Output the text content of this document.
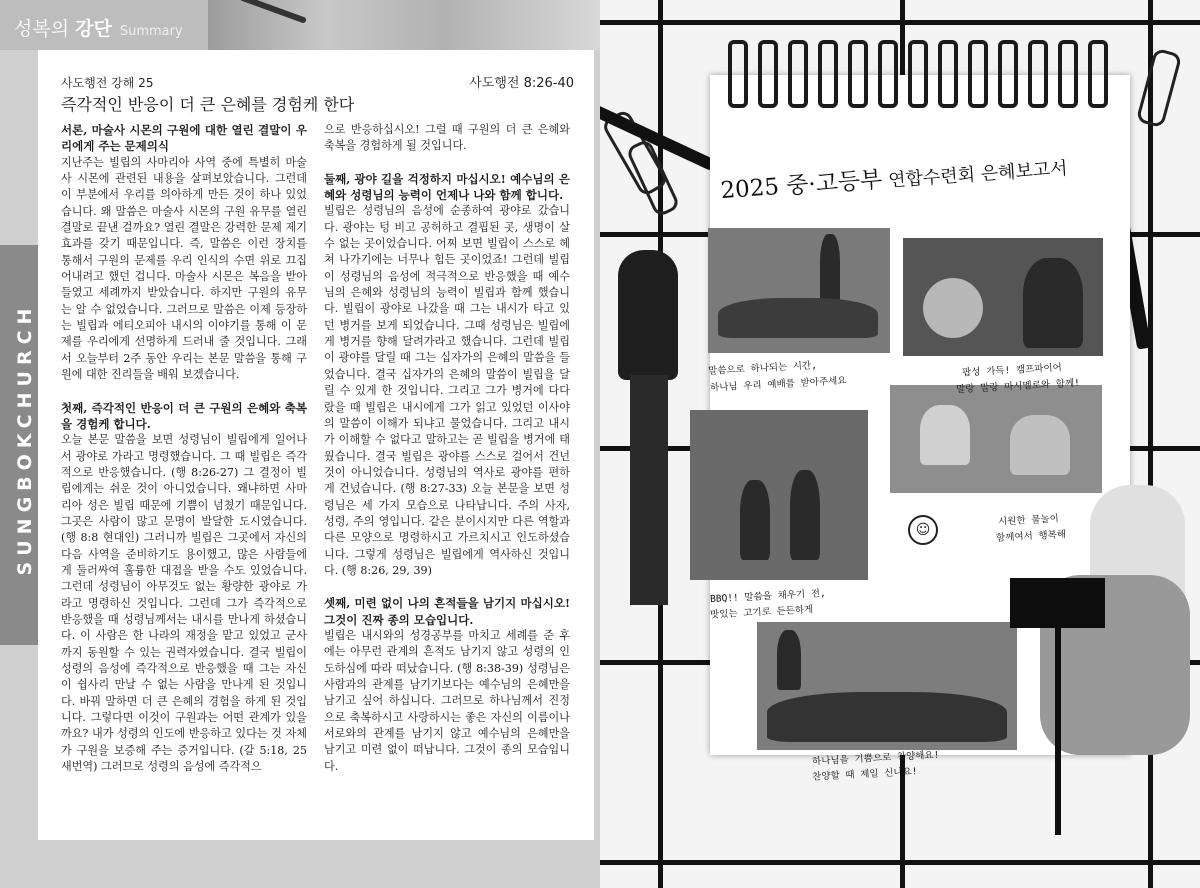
성복의 강단 Summary
SUNGBOKCHURCH
사도행전 강해 25	사도행전 8:26-40
즉각적인 반응이 더 큰 은혜를 경험케 한다
서론, 마술사 시몬의 구원에 대한 열린 결말이 우리에게 주는 문제의식

지난주는 빌립의 사마리아 사역 중에 특별히 마술사 시몬에 관련된 내용을 살펴보았습니다. 그런데 이 부분에서 우리를 의아하게 만든 것이 하나 있었습니다. 왜 말씀은 마술사 시몬의 구원 유무를 열린 결말로 끝낸 걸까요? 열린 결말은 강력한 문제 제기 효과를 갖기 때문입니다. 즉, 말씀은 이런 장치를 통해서 구원의 문제를 우리 인식의 수면 위로 끄집어내려고 했던 겁니다. 마술사 시몬은 복음을 받아들였고 세례까지 받았습니다. 하지만 구원의 유무는 알 수 없었습니다. 그러므로 말씀은 이제 등장하는 빌립과 에티오피아 내시의 이야기를 통해 이 문제를 우리에게 선명하게 드러내 줄 것입니다. 그래서 오늘부터 2주 동안 우리는 본문 말씀을 통해 구원에 대한 진리들을 배워 보겠습니다.

첫째, 즉각적인 반응이 더 큰 구원의 은혜와 축복을 경험케 합니다.

오늘 본문 말씀을 보면 성령님이 빌립에게 일어나서 광야로 가라고 명령했습니다. 그 때 빌립은 즉각적으로 반응했습니다. (행 8:26-27) 그 결정이 빌립에게는 쉬운 것이 아니었습니다. 왜냐하면 사마리아 성은 빌립 때문에 기쁨이 넘쳤기 때문입니다. 그곳은 사람이 많고 문명이 발달한 도시였습니다. (행 8:8 현대인) 그러니까 빌립은 그곳에서 자신의 다음 사역을 준비하기도 용이했고, 많은 사람들에게 둘러싸여 훌륭한 대접을 받을 수도 있었습니다. 그런데 성령님이 아무것도 없는 황량한 광야로 가라고 명령하신 것입니다. 그런데 그가 즉각적으로 반응했을 때 성령님께서는 내시를 만나게 하셨습니다. 이 사람은 한 나라의 재정을 맡고 있었고 군사까지 동원할 수 있는 권력자였습니다. 결국 빌립이 성령의 음성에 즉각적으로 반응했을 때 그는 자신이 쉽사리 만날 수 없는 사람을 만나게 된 것입니다. 바꿔 말하면 더 큰 은혜의 경험을 하게 된 것입니다. 그렇다면 이것이 구원과는 어떤 관계가 있을까요? 내가 성령의 인도에 반응하고 있다는 것 자체가 구원을 보증해 주는 증거입니다. (갈 5:18, 25 새번역) 그러므로 성령의 음성에 즉각적으

으로 반응하십시오! 그럴 때 구원의 더 큰 은혜와 축복을 경험하게 될 것입니다.

둘째, 광야 길을 걱정하지 마십시오! 예수님의 은혜와 성령님의 능력이 언제나 나와 함께 합니다.

빌립은 성령님의 음성에 순종하여 광야로 갔습니다. 광야는 텅 비고 공허하고 결핍된 곳, 생명이 살 수 없는 곳이었습니다. 어찌 보면 빌립이 스스로 헤쳐 나가기에는 너무나 힘든 곳이었죠! 그런데 빌립이 성령님의 음성에 적극적으로 반응했을 때 예수님의 은혜와 성령님의 능력이 빌립과 함께 했습니다. 빌립이 광야로 나갔을 때 그는 내시가 타고 있던 병거를 보게 되었습니다. 그때 성령님은 빌립에게 병거를 향해 달려가라고 했습니다. 그런데 빌립이 광야를 달릴 때 그는 십자가의 은혜의 말씀을 들었습니다. 결국 십자가의 은혜의 말씀이 빌립을 달릴 수 있게 한 것입니다. 그리고 그가 병거에 다다랐을 때 빌립은 내시에게 그가 읽고 있었던 이사야의 말씀이 이해가 되냐고 물었습니다. 그리고 내시가 이해할 수 없다고 말하고는 곧 빌립을 병거에 태웠습니다. 결국 빌립은 광야를 스스로 걸어서 건넌 것이 아니었습니다. 성령님의 역사로 광야를 편하게 건넜습니다. (행 8:27-33) 오늘 본문을 보면 성령님은 세 가지 모습으로 나타납니다. 주의 사자, 성령, 주의 영입니다. 같은 분이시지만 다른 역할과 다른 모양으로 명령하시고 가르치시고 인도하셨습니다. 그렇게 성령님은 빌립에게 역사하신 것입니다. (행 8:26, 29, 39)

셋째, 미련 없이 나의 흔적들을 남기지 마십시오! 그것이 진짜 종의 모습입니다.

빌립은 내시와의 성경공부를 마치고 세례를 준 후에는 아무런 관계의 흔적도 남기지 않고 성령의 인도하심에 따라 떠났습니다. (행 8:38-39) 성령님은 사람과의 관계를 남기기보다는 예수님의 은혜만을 남기고 싶어 하십니다. 그러므로 하나님께서 진정으로 축복하시고 사랑하시는 좋은 자신의 이름이나 서로와의 관계를 남기지 않고 예수님의 은혜만을 남기고 미련 없이 떠납니다. 그것이 종의 모습입니다.

2025 중·고등부 연합수련회 은혜보고서
말씀으로 하나되는 시간,
하나님 우리 예배를 받아주세요
팝성 가득! 캠프파이어
말랑 말랑 마시멜로와 함께!
시원한 물놀이
함께여서 행복해
BBQ!! 말씀을 채우기 전,
맛있는 고기로 든든하게
하나님을 기쁨으로 찬양해요!
찬양할 때 제일 신나요!
☺
